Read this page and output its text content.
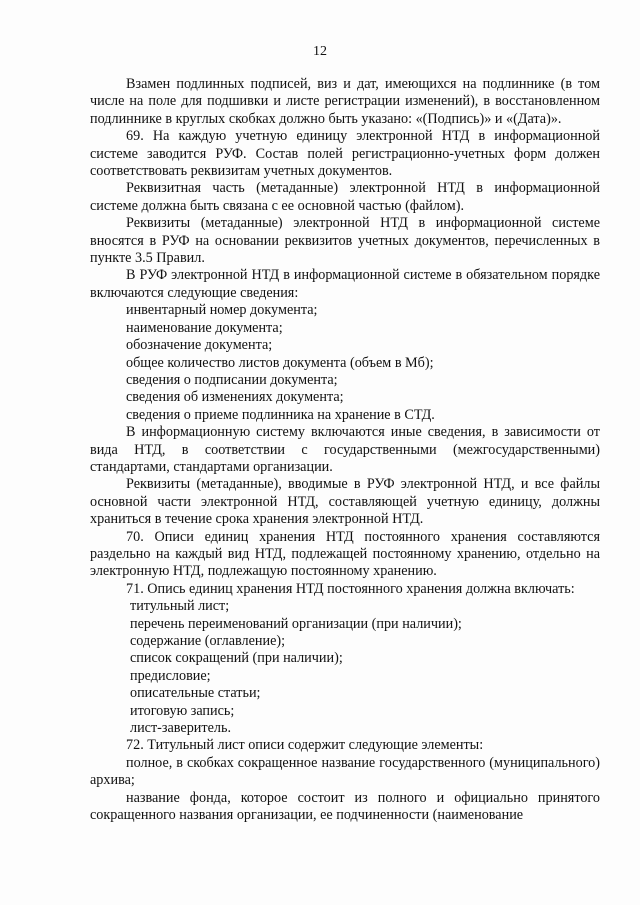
12

Взамен подлинных подписей, виз и дат, имеющихся на подлиннике (в том числе на поле для подшивки и листе регистрации изменений), в восстановленном подлиннике в круглых скобках должно быть указано: «(Подпись)» и «(Дата)».

69. На каждую учетную единицу электронной НТД в информационной системе заводится РУФ. Состав полей регистрационно-учетных форм должен соответствовать реквизитам учетных документов.

Реквизитная часть (метаданные) электронной НТД в информационной системе должна быть связана с ее основной частью (файлом).

Реквизиты (метаданные) электронной НТД в информационной системе вносятся в РУФ на основании реквизитов учетных документов, перечисленных в пункте 3.5 Правил.

В РУФ электронной НТД в информационной системе в обязательном порядке включаются следующие сведения:

инвентарный номер документа;

наименование документа;

обозначение документа;

общее количество листов документа (объем в Мб);

сведения о подписании документа;

сведения об изменениях документа;

сведения о приеме подлинника на хранение в СТД.

В информационную систему включаются иные сведения, в зависимости от вида НТД, в соответствии с государственными (межгосударственными) стандартами, стандартами организации.

Реквизиты (метаданные), вводимые в РУФ электронной НТД, и все файлы основной части электронной НТД, составляющей учетную единицу, должны храниться в течение срока хранения электронной НТД.

70. Описи единиц хранения НТД постоянного хранения составляются раздельно на каждый вид НТД, подлежащей постоянному хранению, отдельно на электронную НТД, подлежащую постоянному хранению.

71. Опись единиц хранения НТД постоянного хранения должна включать:

титульный лист;

перечень переименований организации (при наличии);

содержание (оглавление);

список сокращений (при наличии);

предисловие;

описательные статьи;

итоговую запись;

лист-заверитель.

72. Титульный лист описи содержит следующие элементы:

полное, в скобках сокращенное название государственного (муниципального) архива;

название фонда, которое состоит из полного и официально принятого сокращенного названия организации, ее подчиненности (наименование
